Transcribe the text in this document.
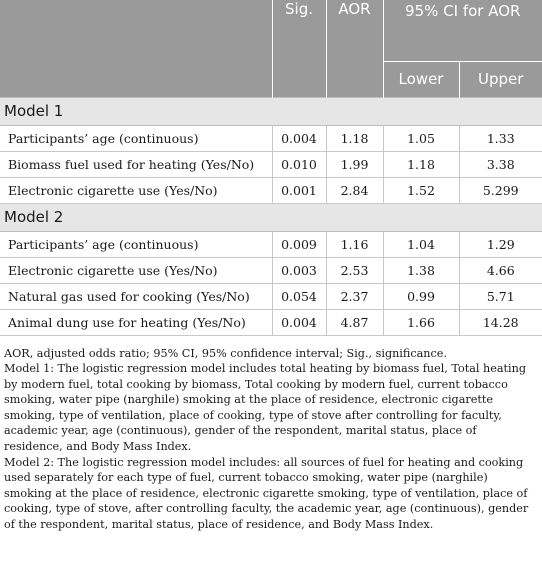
	Sig.	AOR	95% CI for AOR	
			Lower	Upper
Model 1				
Participants’ age (continuous)	0.004	1.18	1.05	1.33
Biomass fuel used for heating (Yes/No)	0.010	1.99	1.18	3.38
Electronic cigarette use (Yes/No)	0.001	2.84	1.52	5.299
Model 2				
Participants’ age (continuous)	0.009	1.16	1.04	1.29
Electronic cigarette use (Yes/No)	0.003	2.53	1.38	4.66
Natural gas used for cooking (Yes/No)	0.054	2.37	0.99	5.71
Animal dung use for heating (Yes/No)	0.004	4.87	1.66	14.28

AOR, adjusted odds ratio; 95% CI, 95% confidence interval; Sig., significance.

Model 1: The logistic regression model includes total heating by biomass fuel, Total heating by modern fuel, total cooking by biomass, Total cooking by modern fuel, current tobacco smoking, water pipe (narghile) smoking at the place of residence, electronic cigarette smoking, type of ventilation, place of cooking, type of stove after controlling for faculty, academic year, age (continuous), gender of the respondent, marital status, place of residence, and Body Mass Index.

Model 2: The logistic regression model includes: all sources of fuel for heating and cooking used separately for each type of fuel, current tobacco smoking, water pipe (narghile) smoking at the place of residence, electronic cigarette smoking, type of ventilation, place of cooking, type of stove, after controlling faculty, the academic year, age (continuous), gender of the respondent, marital status, place of residence, and Body Mass Index.
